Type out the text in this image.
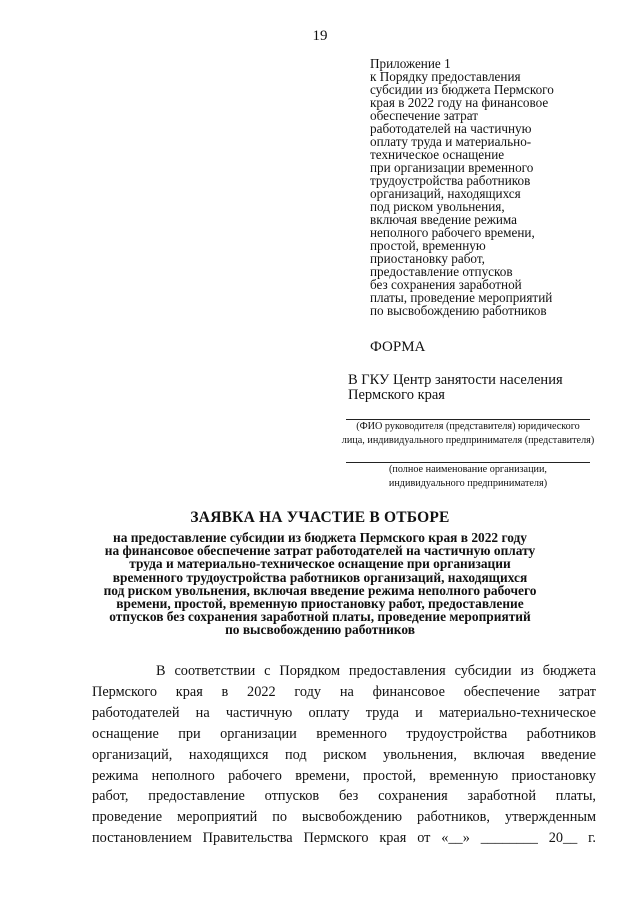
19
Приложение 1
к Порядку предоставления
субсидии из бюджета Пермского
края в 2022 году на финансовое
обеспечение затрат
работодателей на частичную
оплату труда и материально-
техническое оснащение
при организации временного
трудоустройства работников
организаций, находящихся
под риском увольнения,
включая введение режима
неполного рабочего времени,
простой, временную
приостановку работ,
предоставление отпусков
без сохранения заработной
платы, проведение мероприятий
по высвобождению работников
ФОРМА
В ГКУ Центр занятости населения
Пермского края
(ФИО руководителя (представителя) юридического
лица, индивидуального предпринимателя (представителя)
(полное наименование организации,
индивидуального предпринимателя)
ЗАЯВКА НА УЧАСТИЕ В ОТБОРЕ
на предоставление субсидии из бюджета Пермского края в 2022 году
на финансовое обеспечение затрат работодателей на частичную оплату
труда и материально-техническое оснащение при организации
временного трудоустройства работников организаций, находящихся
под риском увольнения, включая введение режима неполного рабочего
времени, простой, временную приостановку работ, предоставление
отпусков без сохранения заработной платы, проведение мероприятий
по высвобождению работников
В соответствии с Порядком предоставления субсидии из бюджета
Пермского края в 2022 году на финансовое обеспечение затрат
работодателей на частичную оплату труда и материально-техническое
оснащение при организации временного трудоустройства работников
организаций, находящихся под риском увольнения, включая введение
режима неполного рабочего времени, простой, временную приостановку
работ, предоставление отпусков без сохранения заработной платы,
проведение мероприятий по высвобождению работников, утвержденным
постановлением Правительства Пермского края от «__» ________ 20__ г.
